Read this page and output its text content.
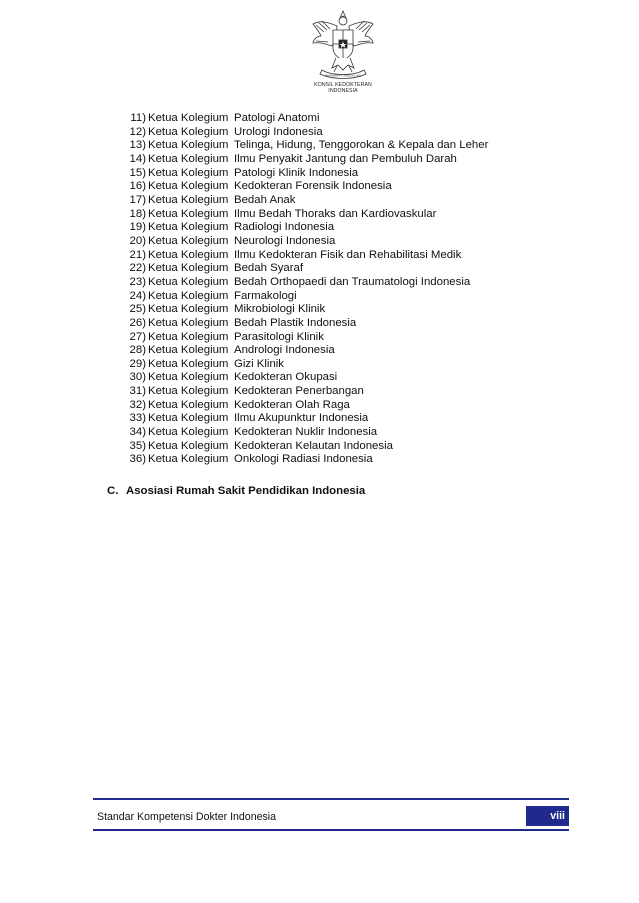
BHINNEKA TUNGGAL IKA
KONSIL KEDOKTERAN
INDONESIA
11) Ketua Kolegium Patologi Anatomi
12) Ketua Kolegium Urologi Indonesia
13) Ketua Kolegium Telinga, Hidung, Tenggorokan & Kepala dan Leher
14) Ketua Kolegium Ilmu Penyakit Jantung dan Pembuluh Darah
15) Ketua Kolegium Patologi Klinik Indonesia
16) Ketua Kolegium Kedokteran Forensik Indonesia
17) Ketua Kolegium Bedah Anak
18) Ketua Kolegium Ilmu Bedah Thoraks dan Kardiovaskular
19) Ketua Kolegium Radiologi Indonesia
20) Ketua Kolegium Neurologi Indonesia
21) Ketua Kolegium Ilmu Kedokteran Fisik dan Rehabilitasi Medik
22) Ketua Kolegium Bedah Syaraf
23) Ketua Kolegium Bedah Orthopaedi dan Traumatologi Indonesia
24) Ketua Kolegium Farmakologi
25) Ketua Kolegium Mikrobiologi Klinik
26) Ketua Kolegium Bedah Plastik Indonesia
27) Ketua Kolegium Parasitologi Klinik
28) Ketua Kolegium Andrologi Indonesia
29) Ketua Kolegium Gizi Klinik
30) Ketua Kolegium Kedokteran Okupasi
31) Ketua Kolegium Kedokteran Penerbangan
32) Ketua Kolegium Kedokteran Olah Raga
33) Ketua Kolegium Ilmu Akupunktur Indonesia
34) Ketua Kolegium Kedokteran Nuklir Indonesia
35) Ketua Kolegium Kedokteran Kelautan Indonesia
36) Ketua Kolegium Onkologi Radiasi Indonesia
C. Asosiasi Rumah Sakit Pendidikan Indonesia
Standar Kompetensi Dokter Indonesia	viii
